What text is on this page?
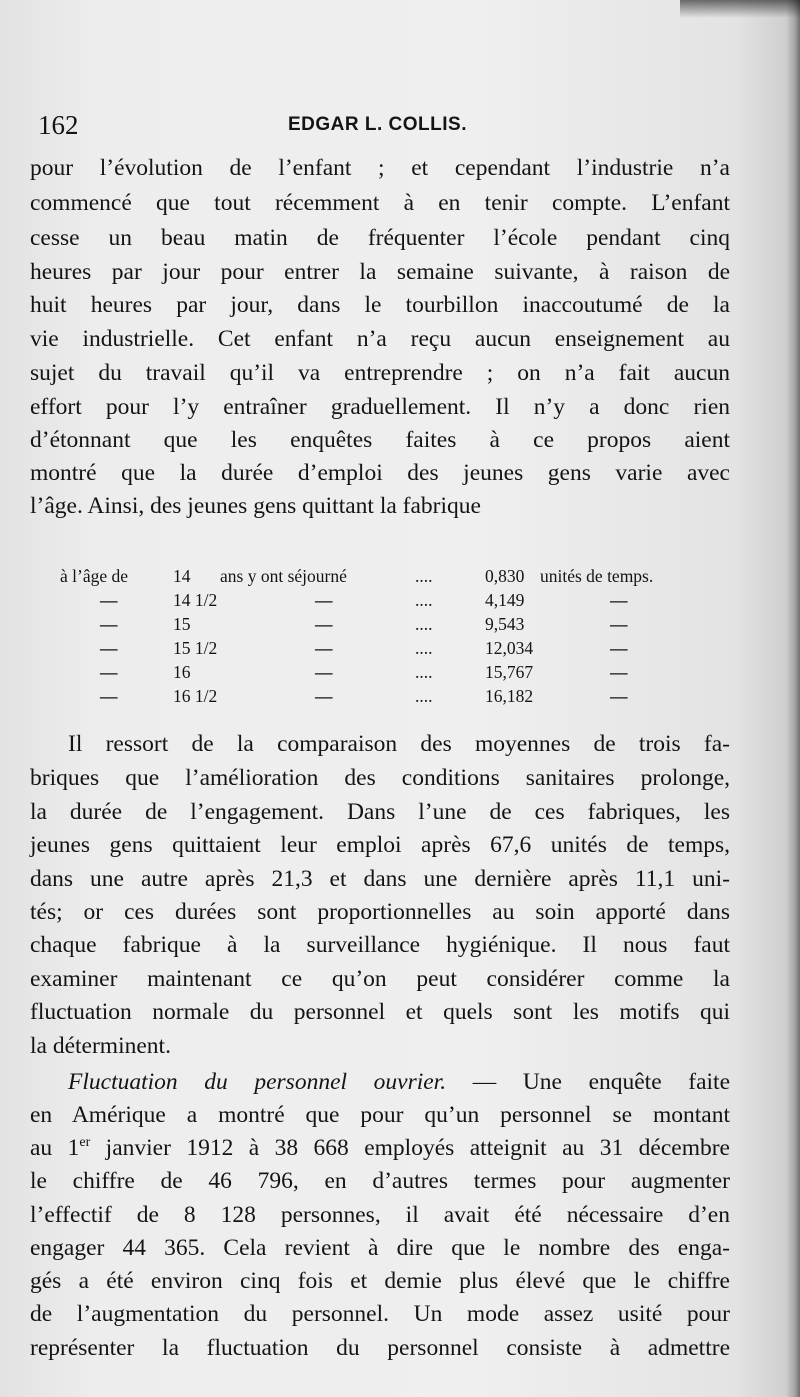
162	EDGAR L. COLLIS.
pour l’évolution de l’enfant ; et cependant l’industrie n’a
commencé que tout récemment à en tenir compte. L’enfant
cesse un beau matin de fréquenter l’école pendant cinq
heures par jour pour entrer la semaine suivante, à raison de
huit heures par jour, dans le tourbillon inaccoutumé de la
vie industrielle. Cet enfant n’a reçu aucun enseignement au
sujet du travail qu’il va entreprendre ; on n’a fait aucun
effort pour l’y entraîner graduellement. Il n’y a donc rien
d’étonnant que les enquêtes faites à ce propos aient
montré que la durée d’emploi des jeunes gens varie avec
l’âge. Ainsi, des jeunes gens quittant la fabrique
à l’âge de	14 ans y ont séjourné	....	0,830 unités de temps.
—	14 1/2	—	....	4,149	—
—	15	—	....	9,543	—
—	15 1/2	—	....	12,034	—
—	16	—	....	15,767	—
—	16 1/2	—	....	16,182	—
Il ressort de la comparaison des moyennes de trois fa-
briques que l’amélioration des conditions sanitaires prolonge,
la durée de l’engagement. Dans l’une de ces fabriques, les
jeunes gens quittaient leur emploi après 67,6 unités de temps,
dans une autre après 21,3 et dans une dernière après 11,1 uni-
tés; or ces durées sont proportionnelles au soin apporté dans
chaque fabrique à la surveillance hygiénique. Il nous faut
examiner maintenant ce qu’on peut considérer comme la
fluctuation normale du personnel et quels sont les motifs qui
la déterminent.
Fluctuation du personnel ouvrier. — Une enquête faite
en Amérique a montré que pour qu’un personnel se montant
au 1er janvier 1912 à 38 668 employés atteignit au 31 décembre
le chiffre de 46 796, en d’autres termes pour augmenter
l’effectif de 8 128 personnes, il avait été nécessaire d’en
engager 44 365. Cela revient à dire que le nombre des enga-
gés a été environ cinq fois et demie plus élevé que le chiffre
de l’augmentation du personnel. Un mode assez usité pour
représenter la fluctuation du personnel consiste à admettre
